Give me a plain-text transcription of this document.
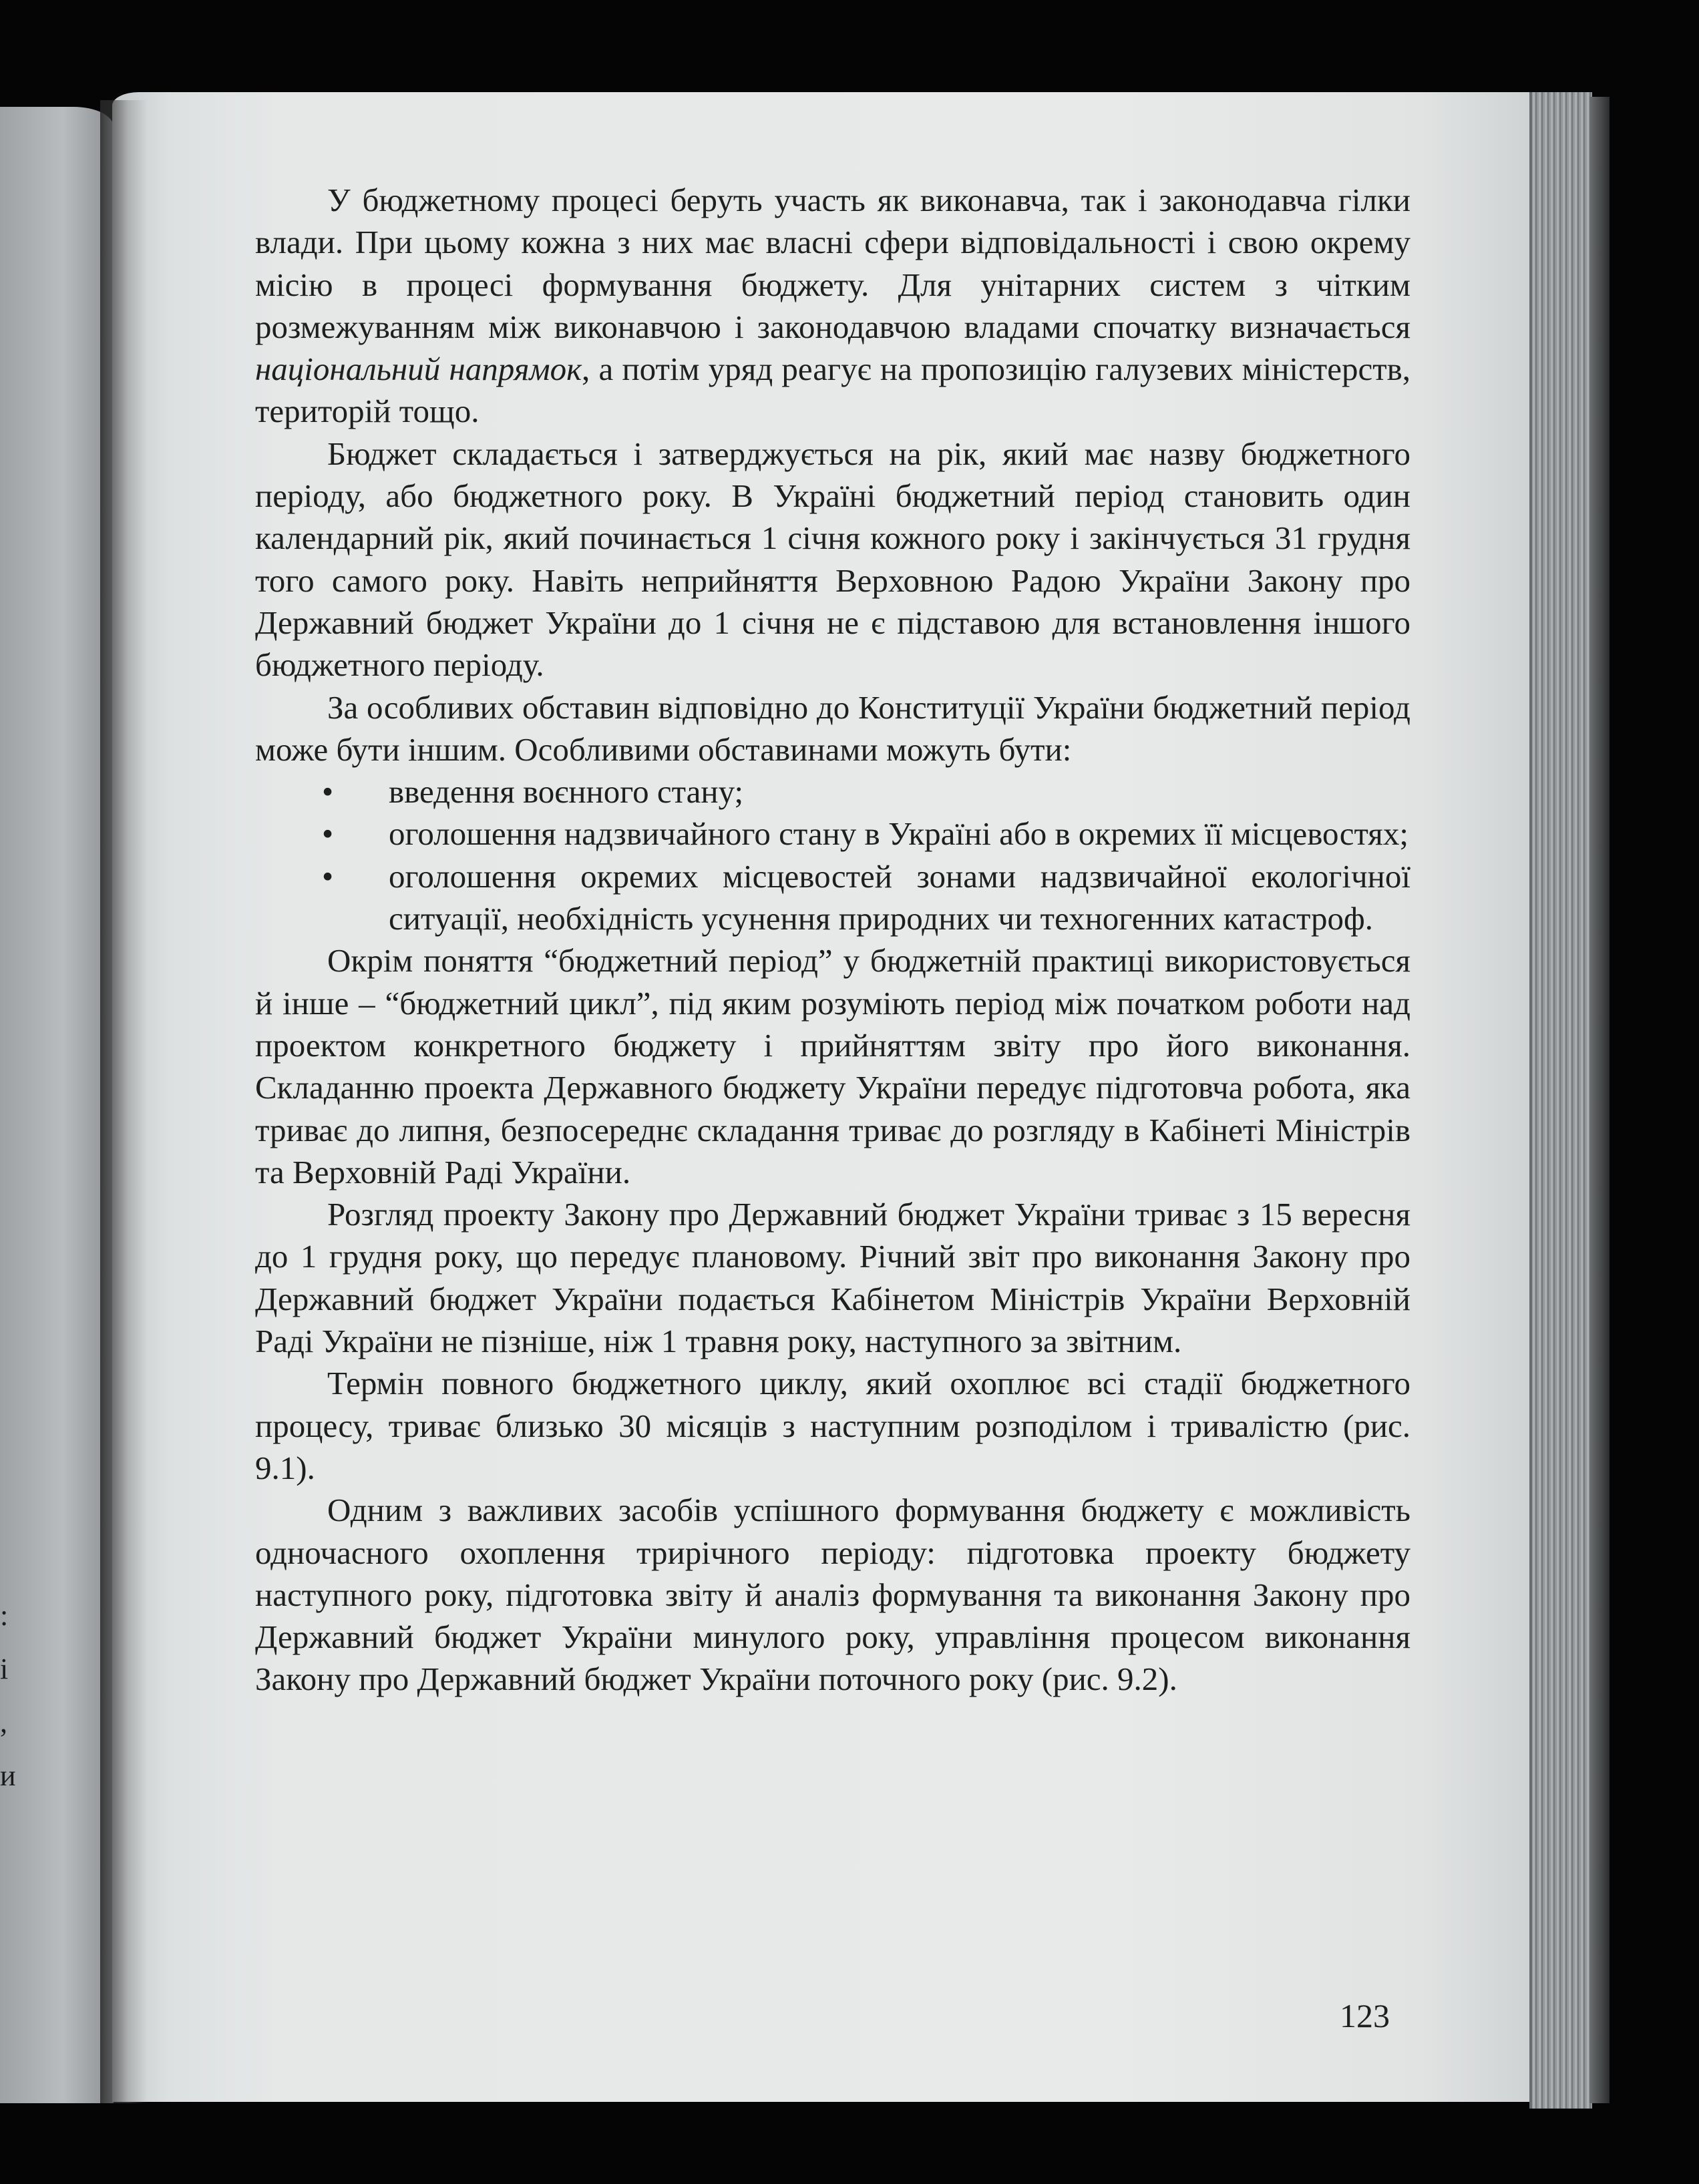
:
і
,
и

У бюджетному процесі беруть участь як виконавча, так і законодавча гілки влади. При цьому кожна з них має власні сфери відповідальності і свою окрему місію в процесі формування бюджету. Для унітарних систем з чітким розмежуванням між виконавчою і законодавчою владами спочатку визначається національний напрямок, а потім уряд реагує на пропозицію галузевих міністерств, територій тощо.

Бюджет складається і затверджується на рік, який має назву бюджетного періоду, або бюджетного року. В Україні бюджетний період становить один календарний рік, який починається 1 січня кожного року і закінчується 31 грудня того самого року. Навіть неприйняття Верховною Радою України Закону про Державний бюджет України до 1 січня не є підставою для встановлення іншого бюджетного періоду.

За особливих обставин відповідно до Конституції України бюджетний період може бути іншим. Особливими обставинами можуть бути:

• введення воєнного стану;
• оголошення надзвичайного стану в Україні або в окремих її місцевостях;
• оголошення окремих місцевостей зонами надзвичайної екологічної ситуації, необхідність усунення природних чи техногенних катастроф.

Окрім поняття “бюджетний період” у бюджетній практиці використовується й інше – “бюджетний цикл”, під яким розуміють період між початком роботи над проектом конкретного бюджету і прийняттям звіту про його виконання. Складанню проекта Державного бюджету України передує підготовча робота, яка триває до липня, безпосереднє складання триває до розгляду в Кабінеті Міністрів та Верховній Раді України.

Розгляд проекту Закону про Державний бюджет України триває з 15 вересня до 1 грудня року, що передує плановому. Річний звіт про виконання Закону про Державний бюджет України подається Кабінетом Міністрів України Верховній Раді України не пізніше, ніж 1 травня року, наступного за звітним.

Термін повного бюджетного циклу, який охоплює всі стадії бюджетного процесу, триває близько 30 місяців з наступним розподілом і тривалістю (рис. 9.1).

Одним з важливих засобів успішного формування бюджету є можливість одночасного охоплення трирічного періоду: підготовка проекту бюджету наступного року, підготовка звіту й аналіз формування та виконання Закону про Державний бюджет України минулого року, управління процесом виконання Закону про Державний бюджет України поточного року (рис. 9.2).

123
